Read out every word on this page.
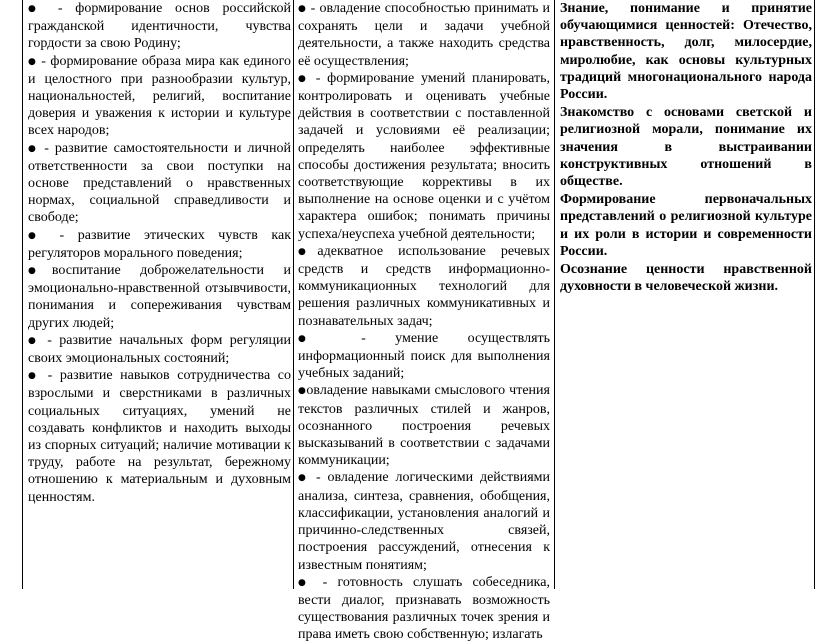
● - формирование основ российской гражданской идентичности, чувства гордости за свою Родину;

● - формирование образа мира как единого и целостного при разнообразии культур, национальностей, религий, воспитание доверия и уважения к истории и культуре всех народов;

● - развитие самостоятельности и личной ответственности за свои поступки на основе представлений о нравственных нормах, социальной справедливости и свободе;

● - развитие этических чувств как регуляторов морального поведения;

●воспитание доброжелательности и эмоционально-нравственной отзывчивости, понимания и сопереживания чувствам других людей;

● - развитие начальных форм регуляции своих эмоциональных состояний;

● - развитие навыков сотрудничества со взрослыми и сверстниками в различных социальных ситуациях, умений не создавать конфликтов и находить выходы из спорных ситуаций; наличие мотивации к труду, работе на результат, бережному отношению к материальным и духовным ценностям.

● - овладение способностью принимать и сохранять цели и задачи учебной деятельности, а также находить средства её осуществления;

● - формирование умений планировать, контролировать и оценивать учебные действия в соответствии с поставленной задачей и условиями её реализации; определять наиболее эффективные способы достижения результата; вносить соответствующие коррективы в их выполнение на основе оценки и с учётом характера ошибок; понимать причины успеха/неуспеха учебной деятельности;

●адекватное использование речевых средств и средств информационно-коммуникационных технологий для решения различных коммуникативных и познавательных задач;

● - умение осуществлять информационный поиск для выполнения учебных заданий;

●овладение навыками смыслового чтения текстов различных стилей и жанров, осознанного построения речевых высказываний в соответствии с задачами коммуникации;

● - овладение логическими действиями анализа, синтеза, сравнения, обобщения, классификации, установления аналогий и причинно-следственных связей, построения рассуждений, отнесения к известным понятиям;

● - готовность слушать собеседника, вести диалог, признавать возможность существования различных точек зрения и права иметь свою собственную; излагать

Знание, понимание и принятие обучающимися ценностей: Отечество, нравственность, долг, милосердие, миролюбие, как основы культурных традиций многонационального народа России.

Знакомство с основами светской и религиозной морали, понимание их значения в выстраивании конструктивных отношений в обществе.

Формирование первоначальных представлений о религиозной культуре и их роли в истории и современности России.

Осознание ценности нравственной духовности в человеческой жизни.
